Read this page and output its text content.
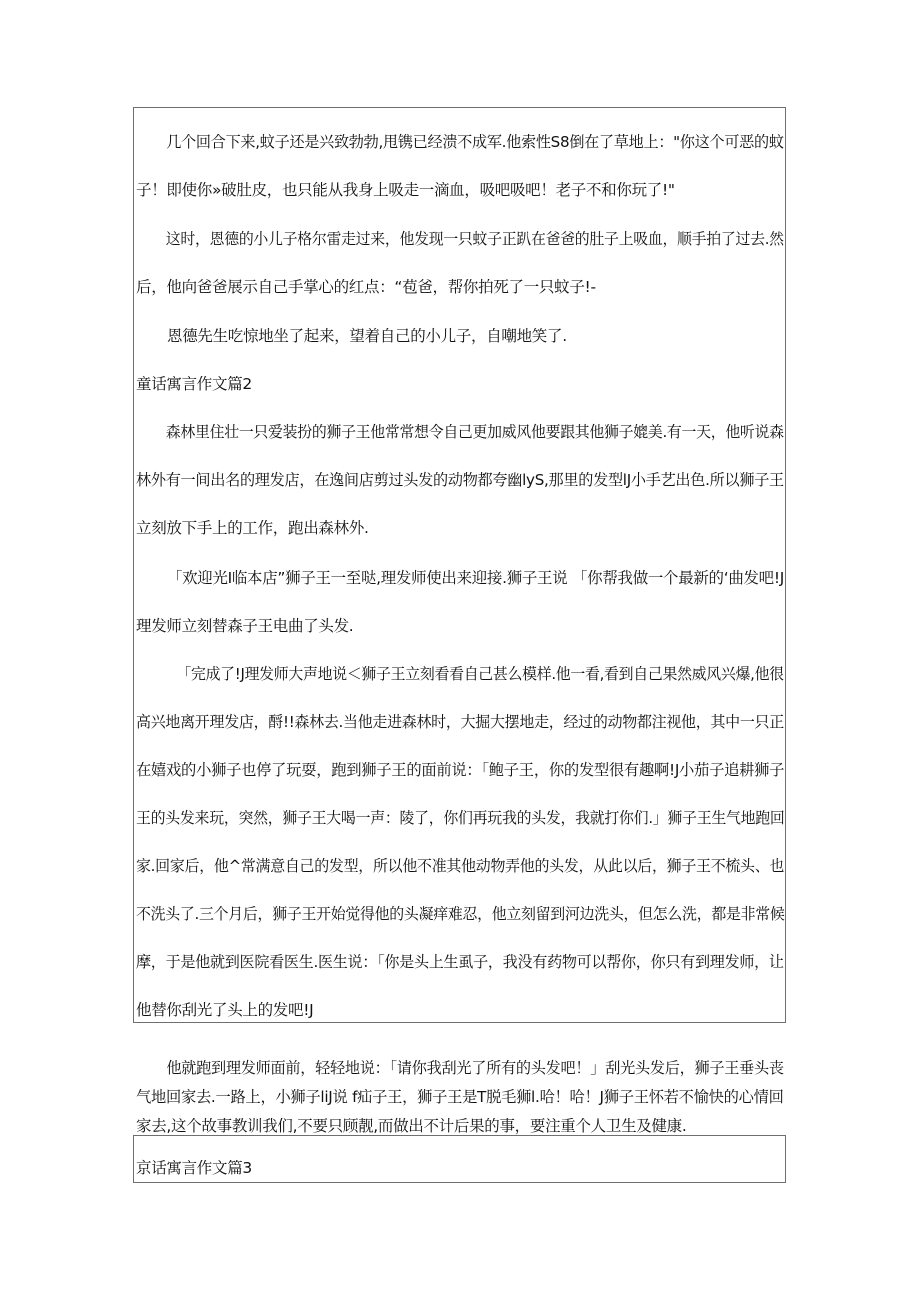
几个回合下来,蚊子还是兴致勃勃,甩镌已经溃不成军.他索性S8倒在了草地上："你这个可恶的蚊
子！即使你»破肚皮，也只能从我身上吸走一滴血，吸吧吸吧！老子不和你玩了!"
这时，恩德的小儿子格尔雷走过来，他发现一只蚊子正趴在爸爸的肚子上吸血，顺手拍了过去.然
后，他向爸爸展示自己手掌心的红点：“苞爸，帮你拍死了一只蚊子!-
恩德先生吃惊地坐了起来，望着自己的小儿子，自嘲地笑了.
童话寓言作文篇2
森林里住壮一只爱装扮的狮子王他常常想令自己更加威风他要跟其他狮子媲美.有一天，他听说森
林外有一间出名的理发店，在逸间店剪过头发的动物都夸幽lyS,那里的发型lJ小手艺出色.所以狮子王
立刻放下手上的工作，跑出森林外.
「欢迎光I临本店”狮子王一至哒,理发师使出来迎接.狮子王说 「你帮我做一个最新的‘曲发吧!J
理发师立刻替森子王电曲了头发.
「完成了!J理发师大声地说＜狮子王立刻看看自己甚么模样.他一看,看到自己果然威风兴爆,他很
高兴地离开理发店，酹!!森林去.当他走进森林时，大掘大摆地走，经过的动物都注视他，其中一只正
在嬉戏的小狮子也停了玩耍，跑到狮子王的面前说：「鲍子王，你的发型很有趣啊!J小茄子追耕狮子
王的头发来玩，突然，狮子王大喝一声：陵了，你们再玩我的头发，我就打你们.」狮子王生气地跑回
家.回家后，他^常满意自己的发型，所以他不准其他动物弄他的头发，从此以后，狮子王不梳头、也
不洗头了.三个月后，狮子王开始觉得他的头凝痒难忍，他立刻留到河边洗头，但怎么洗，都是非常候
摩，于是他就到医院看医生.医生说：「你是头上生虱子，我没有药物可以帮你，你只有到理发师，让
他替你刮光了头上的发吧!J
他就跑到理发师面前，轻轻地说：「请你我刮光了所有的头发吧！」刮光头发后，狮子王垂头丧
气地回家去.一路上，小狮子liJ说 f疝子王，狮子王是T脱毛狮l.哈！哈！J狮子王怀若不愉快的心情回
家去,这个故事教训我们,不要只顾靓,而做出不计后果的事，要注重个人卫生及健康.
京话寓言作文篇3
